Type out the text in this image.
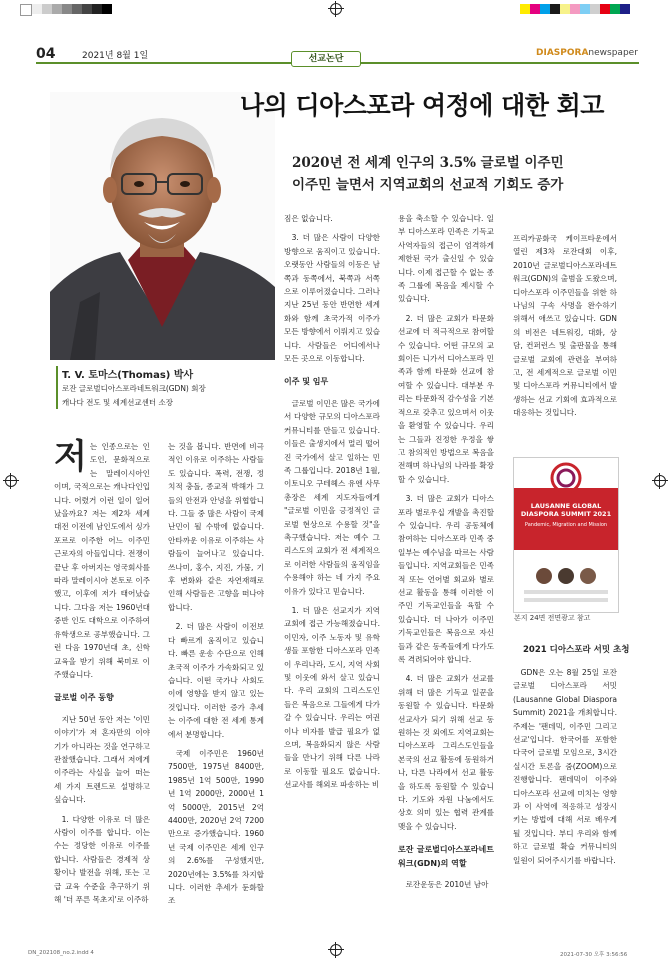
04	2021년 8월 1일	선교논단
DIASPORAnewspaper
나의 디아스포라 여정에 대한 회고
2020년 전 세계 인구의 3.5% 글로벌 이주민
이주민 늘면서 지역교회의 선교적 기회도 증가
T. V. 토마스(Thomas) 박사
로잔 글로벌디아스포라네트워크(GDN) 회장
캐나다 전도 및 세계선교센터 소장

저는 인종으로는 인도인, 문화적으로는 말레이시아인이며, 국적으로는 캐나다인입니다. 어렸거 이런 일이 일어났을까요? 저는 제2차 세계대전 이전에 남인도에서 싱가포르로 이주한 어느 이주민 근로자의 아들입니다. 전쟁이 끝난 후 아버지는 영국회사를 따라 말레이시아 본토로 이주했고, 이후에 저가 태어났습니다. 그다음 저는 1960년대 중반 인도 대학으로 이주하여 유학생으로 공부했습니다. 그런 다음 1970년대 초, 신학교육을 받기 위해 북미로 이주했습니다.

글로벌 이주 동향

지난 50년 동안 저는 '이민 이야기'가 저 혼자만의 이야기가 아니라는 것을 연구하고 관찰했습니다. 그래서 저에게 이주라는 사실을 늘어 떠는 세 가지 트렌드로 설명하고 싶습니다.

1. 다양한 이유로 더 많은 사람이 이주를 합니다. 이는 수는 정당한 이유로 이주를 합니다. 사람들은 경제적 상황이나 발전을 위해, 또는 고급 교육 수준을 추구하기 위해 '더 푸른 목초지'로 이주하

는 것을 봅니다. 반면에 비극적인 이유로 이주하는 사람들도 있습니다. 폭력, 전쟁, 정치적 충돌, 종교적 박해가 그들의 안전과 안녕을 위협합니다. 그들 중 많은 사람이 국제 난민이 될 수밖에 없습니다. 안타까운 이유로 이주하는 사람들이 늘어나고 있습니다. 쓰나미, 홍수, 지진, 가뭄, 기후 변화와 같은 자연재해로 인해 사람들은 고향을 떠나야 합니다.

2. 더 많은 사람이 이전보다 빠르게 움직이고 있습니다. 빠른 운송 수단으로 인해 초국적 이주가 가속화되고 있습니다. 이떤 국가나 사회도 이에 영향을 받지 않고 있는 것입니다. 이러한 증가 추세는 이주에 대한 전 세계 통계에서 분명합니다.

국제 이주민은 1960년 7500만, 1975년 8400만, 1985년 1억 500만, 1990년 1억 2000만, 2000년 1억 5000만, 2015년 2억 4400만, 2020년 2억 7200만으로 증가했습니다. 1960년 국제 이주민은 세계 인구의 2.6%를 구성했지만, 2020년에는 3.5%를 차지합니다. 이러한 추세가 둔화할 조

짐은 없습니다.

3. 더 많은 사람이 다양한 방향으로 움직이고 있습니다. 오랫동안 사람들의 이동은 남쪽과 동쪽에서, 북쪽과 서쪽으로 이루어졌습니다. 그러나 지난 25년 동안 반면한 세계화와 함께 초국가적 이주가 모든 방향에서 이뤄지고 있습니다. 사람들은 어디에서나 모든 곳으로 이동합니다.

이주 및 임무

글로벌 이민은 많은 국가에서 다양한 규모의 디아스포라 커뮤니티를 만들고 있습니다. 이들은 출생지에서 멀리 떨어진 국가에서 살고 일하는 민족 그룹입니다. 2018년 1월, 이토니오 구테헤스 유엔 사무총장은 세계 지도자들에게 "글로벌 이민을 긍정적인 글로벌 현상으로 수용할 것"을 촉구했습니다. 저는 예수 그리스도의 교회가 전 세계적으로 이러한 사람들의 움직임을 수용해야 하는 네 가지 주요 이유가 있다고 믿습니다.

1. 더 많은 선교지가 지역교회에 접근 가능해졌습니다. 이민자, 이주 노동자 및 유학생들 포함한 디아스포라 민족이 우리나라, 도시, 지역 사회 및 이웃에 와서 살고 있습니다. 우리 교회의 그리스도인들은 복음으로 그들에게 다가갈 수 있습니다. 우리는 여권이나 비자를 발급 필요가 없으며, 복음화되지 않은 사람들을 만나기 위해 다른 나라로 이동할 필요도 없습니다. 선교사를 해외로 파송하는 비

용을 축소할 수 있습니다. 일부 디아스포라 민족은 기독교 사역자들의 접근이 엄격하게 제한된 국가 출신일 수 있습니다. 이제 접근할 수 없는 종족 그룹에 복음을 제시할 수 있습니다.

2. 더 많은 교회가 타문화 선교에 더 적극적으로 참여할 수 있습니다. 어떤 규모의 교회이든 니가서 디아스포라 민족과 함께 타문화 선교에 참여할 수 있습니다. 대부분 우리는 타문화적 감수성을 기본적으로 갖추고 있으며서 이웃을 환영할 수 있습니다. 우리는 그들과 진정한 우정을 쌓고 참의적인 방법으로 복음을 전해며 하나님의 나라를 확장할 수 있습니다.

3. 더 많은 교회가 디아스포라 별로우십 개발을 촉진할 수 있습니다. 우리 공동체에 참여하는 디아스포라 민족 중 일부는 예수님을 따르는 사람들입니다. 지역교회들은 민족적 또는 언어별 회교와 별로 선교 활동을 통해 이러한 이주민 기독교인들을 육할 수 있습니다. 더 나아가 이주민 기독교인들은 복음으로 자신들과 같은 동족들에게 다가도록 격려되어야 합니다.

4. 더 많은 교회가 선교를 위해 더 많은 기독교 일꾼을 동원할 수 있습니다. 타문화 선교사가 되기 위해 선교 동원하는 것 외에도 지역교회는 디아스포라 그리스도인들을 본국의 선교 활동에 동원하거나, 다른 나라에서 선교 활동을 하도록 동원할 수 있습니다. 기도와 자원 나눔에서도 상호 의미 있는 협력 관계를 맺을 수 있습니다.

로잔 글로벌디아스포라네트워크(GDN)의 역할

로잔운동은 2010년 남아

프리카공화국 케이프타운에서 열린 제3차 로잔대회 이후, 2010년 글로벌디아스포라네트워크(GDN)의 출범을 도왔으며, 디아스포라 이주민들을 위한 하나님의 구속 사명을 완수하기 위해서 애쓰고 있습니다. GDN의 비전은 네트워킹, 대화, 상담, 컨퍼런스 및 출판물을 통해 글로벌 교회에 관련을 부여하고, 전 세계적으로 글로벌 이민 및 디아스포라 커뮤니티에서 발생하는 선교 기회에 효과적으로 대응하는 것입니다.

LAUSANNE GLOBAL
DIASPORA SUMMIT 2021
Pandemic, Migration and Mission
본지 24면 전면광고 참고
2021 디아스포라 서밋 초청

GDN은 오는 8월 25일 로잔 글로벌 디아스포라 서밋(Lausanne Global Diaspora Summit) 2021을 개최합니다. 주제는 '팬데믹, 이주민 그리고 선교'입니다. 한국어를 포함한 다국어 글로벌 모임으로, 3시간 실시간 토론을 줌(ZOOM)으로 진행합니다. 팬데믹이 이주와 디아스포라 선교에 미치는 영향과 이 사역에 적응하고 성장시키는 방법에 대해 서로 배우게 될 것입니다. 부디 우리와 함께하고 글로벌 확습 커뮤니티의 일원이 되어주시기를 바랍니다.

DN_202108_no.2.indd 4	2021-07-30 오후 3:56:56
